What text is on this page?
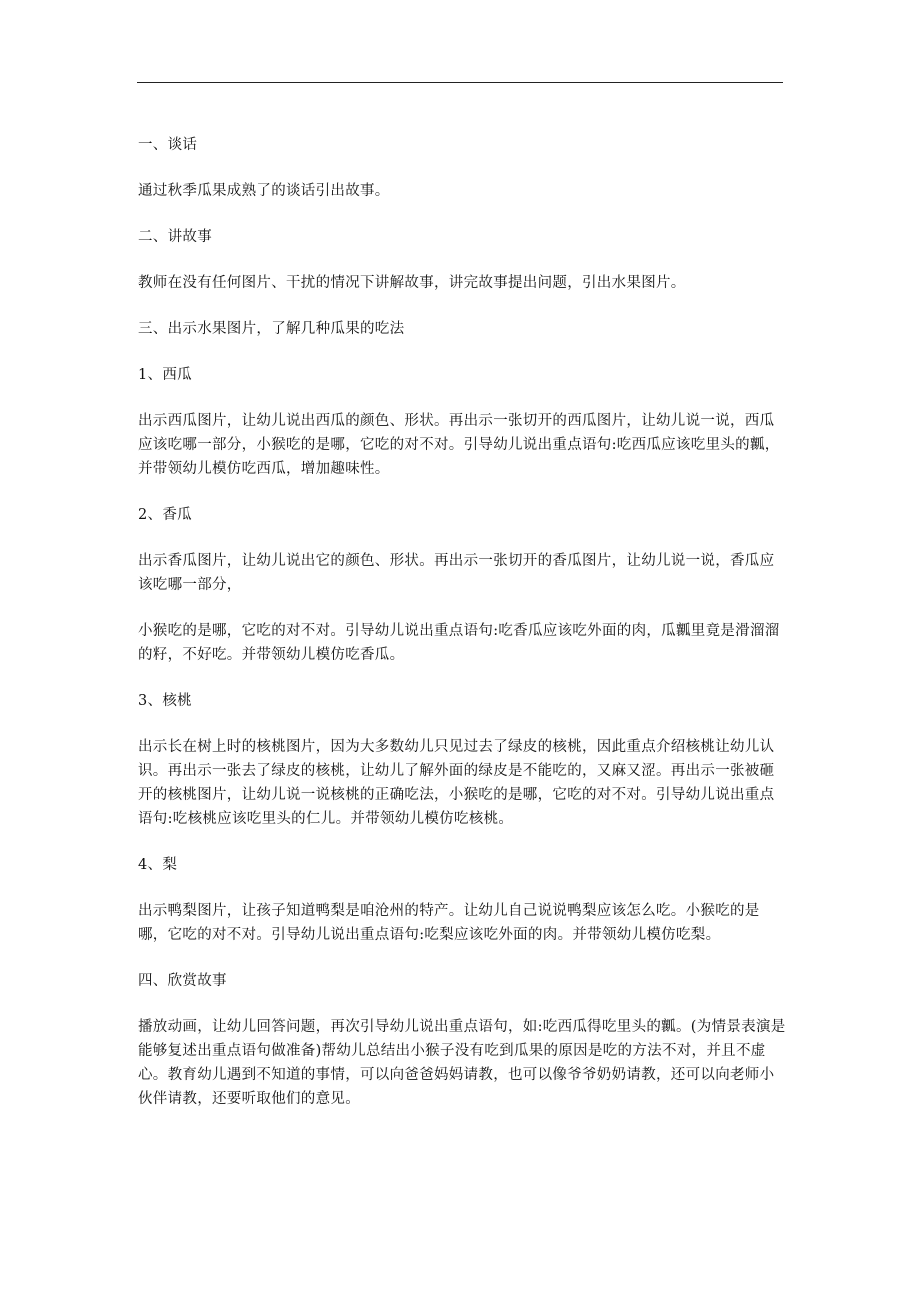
一、谈话

通过秋季瓜果成熟了的谈话引出故事。

二、讲故事

教师在没有任何图片、干扰的情况下讲解故事，讲完故事提出问题，引出水果图片。

三、出示水果图片，了解几种瓜果的吃法

1、西瓜

出示西瓜图片，让幼儿说出西瓜的颜色、形状。再出示一张切开的西瓜图片，让幼儿说一说，西瓜应该吃哪一部分，小猴吃的是哪，它吃的对不对。引导幼儿说出重点语句:吃西瓜应该吃里头的瓤，并带领幼儿模仿吃西瓜，增加趣味性。

2、香瓜

出示香瓜图片，让幼儿说出它的颜色、形状。再出示一张切开的香瓜图片，让幼儿说一说，香瓜应该吃哪一部分，

小猴吃的是哪，它吃的对不对。引导幼儿说出重点语句:吃香瓜应该吃外面的肉，瓜瓤里竟是滑溜溜的籽，不好吃。并带领幼儿模仿吃香瓜。

3、核桃

出示长在树上时的核桃图片，因为大多数幼儿只见过去了绿皮的核桃，因此重点介绍核桃让幼儿认识。再出示一张去了绿皮的核桃，让幼儿了解外面的绿皮是不能吃的，又麻又涩。再出示一张被砸开的核桃图片，让幼儿说一说核桃的正确吃法，小猴吃的是哪，它吃的对不对。引导幼儿说出重点语句:吃核桃应该吃里头的仁儿。并带领幼儿模仿吃核桃。

4、梨

出示鸭梨图片，让孩子知道鸭梨是咱沧州的特产。让幼儿自己说说鸭梨应该怎么吃。小猴吃的是哪，它吃的对不对。引导幼儿说出重点语句:吃梨应该吃外面的肉。并带领幼儿模仿吃梨。

四、欣赏故事

播放动画，让幼儿回答问题，再次引导幼儿说出重点语句，如:吃西瓜得吃里头的瓤。(为情景表演是能够复述出重点语句做准备)帮幼儿总结出小猴子没有吃到瓜果的原因是吃的方法不对，并且不虚心。教育幼儿遇到不知道的事情，可以向爸爸妈妈请教，也可以像爷爷奶奶请教，还可以向老师小伙伴请教，还要听取他们的意见。
